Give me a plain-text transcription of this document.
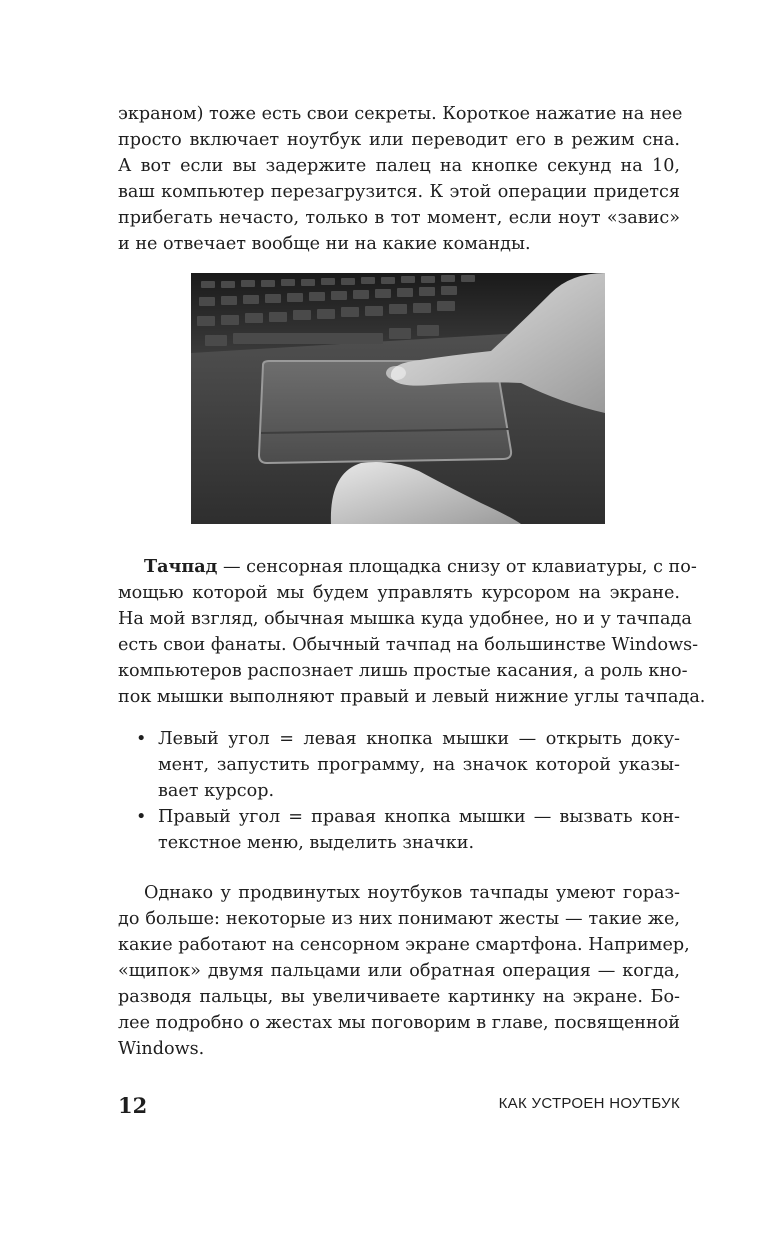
экраном) тоже есть свои секреты. Короткое нажатие на нее
просто включает ноутбук или переводит его в режим сна.
А вот если вы задержите палец на кнопке секунд на 10,
ваш компьютер перезагрузится. К этой операции придется
прибегать нечасто, только в тот момент, если ноут «завис»
и не отвечает вообще ни на какие команды.

Тачпад — сенсорная площадка снизу от клавиатуры, с по-

мощью которой мы будем управлять курсором на экране.
На мой взгляд, обычная мышка куда удобнее, но и у тачпада
есть свои фанаты. Обычный тачпад на большинстве Windows-
компьютеров распознает лишь простые касания, а роль кно-
пок мышки выполняют правый и левый нижние углы тачпада.
• Левый угол = левая кнопка мышки — открыть доку-
мент, запустить программу, на значок которой указы-
вает курсор.
• Правый угол = правая кнопка мышки — вызвать кон-
текстное меню, выделить значки.
Однако у продвинутых ноутбуков тачпады умеют горaз-
до больше: некоторые из них понимают жесты — такие же,
какие работают на сенсорном экране смартфона. Например,
«щипок» двумя пальцами или обратная операция — когда,
разводя пальцы, вы увеличиваете картинку на экране. Бо-
лее подробно о жестах мы поговорим в главе, посвященной
Windows.
12	КАК УСТРОЕН НОУТБУК
